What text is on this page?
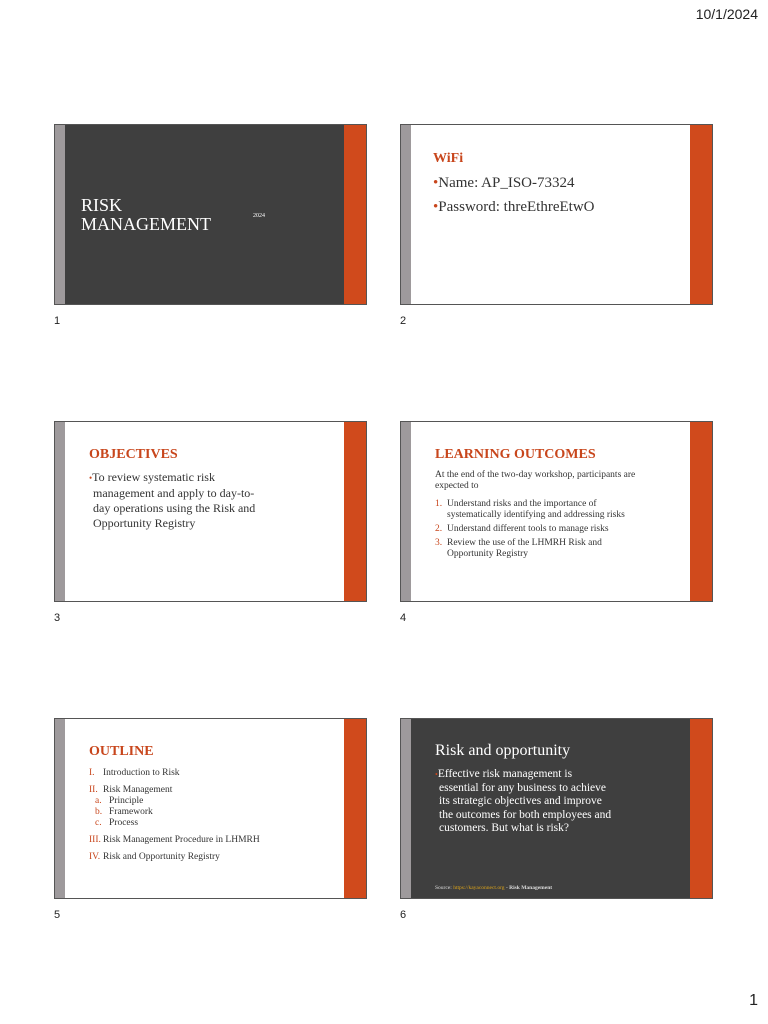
10/1/2024
RISK
MANAGEMENT	2024
1
WiFi
•Name: AP_ISO-73324
•Password: threEthreEtwO
2
OBJECTIVES
•To review systematic risk
management and apply to day-to-
day operations using the Risk and
Opportunity Registry
3
LEARNING OUTCOMES
At the end of the two-day workshop, participants are
expected to
1. Understand risks and the importance of
systematically identifying and addressing risks
2. Understand different tools to manage risks
3. Review the use of the LHMRH Risk and
Opportunity Registry
4
OUTLINE
I. Introduction to Risk
II. Risk Management
a. Principle
b. Framework
c. Process
III. Risk Management Procedure in LHMRH
IV. Risk and Opportunity Registry
5
Risk and opportunity
•Effective risk management is
essential for any business to achieve
its strategic objectives and improve
the outcomes for both employees and
customers. But what is risk?
Source: https://kayaconnect.org - Risk Management
6
1
